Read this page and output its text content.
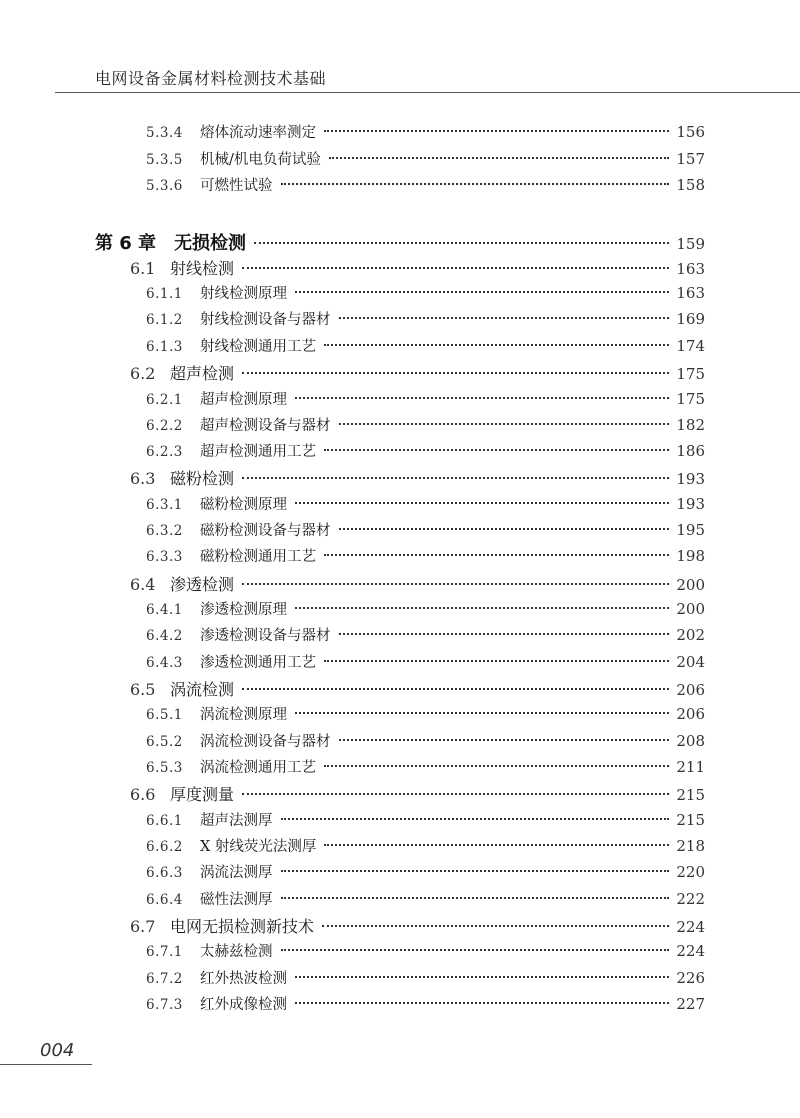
电网设备金属材料检测技术基础
5.3.4	熔体流动速率测定	156
5.3.5	机械/机电负荷试验	157
5.3.6	可燃性试验	158
第 6 章 无损检测	159
6.1 射线检测	163
6.1.1	射线检测原理	163
6.1.2	射线检测设备与器材	169
6.1.3	射线检测通用工艺	174
6.2 超声检测	175
6.2.1	超声检测原理	175
6.2.2	超声检测设备与器材	182
6.2.3	超声检测通用工艺	186
6.3 磁粉检测	193
6.3.1	磁粉检测原理	193
6.3.2	磁粉检测设备与器材	195
6.3.3	磁粉检测通用工艺	198
6.4 渗透检测	200
6.4.1	渗透检测原理	200
6.4.2	渗透检测设备与器材	202
6.4.3	渗透检测通用工艺	204
6.5 涡流检测	206
6.5.1	涡流检测原理	206
6.5.2	涡流检测设备与器材	208
6.5.3	涡流检测通用工艺	211
6.6 厚度测量	215
6.6.1	超声法测厚	215
6.6.2	X 射线荧光法测厚	218
6.6.3	涡流法测厚	220
6.6.4	磁性法测厚	222
6.7 电网无损检测新技术	224
6.7.1	太赫兹检测	224
6.7.2	红外热波检测	226
6.7.3	红外成像检测	227
004
